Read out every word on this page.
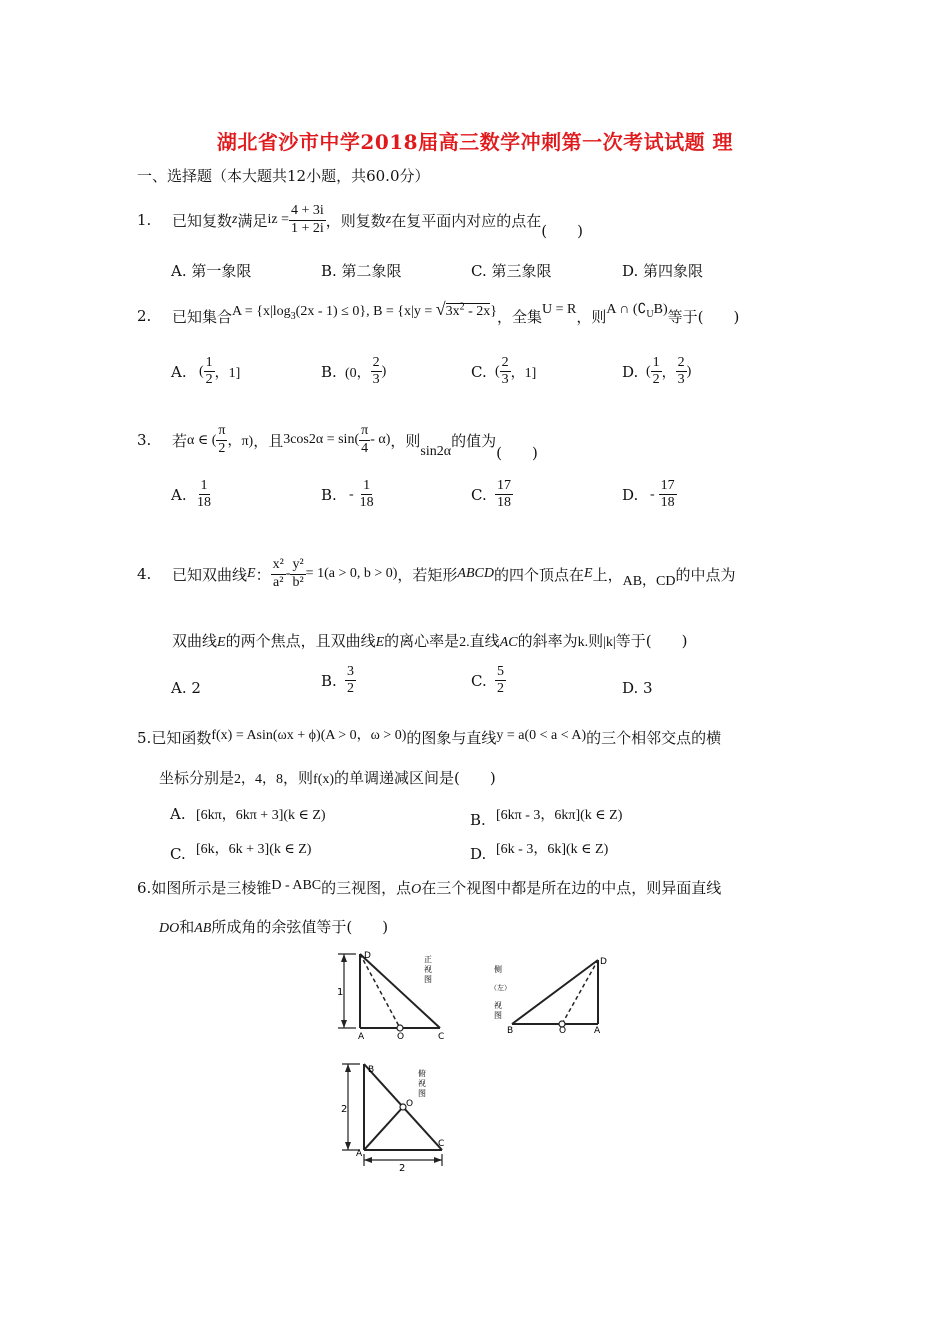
湖北省沙市中学2018届高三数学冲刺第一次考试试题 理
一、选择题（本大题共12小题，共60.0分）
1.	已知复数 z 满足 iz = $\frac{4 + 3i}{1 + 2i}$ ，则复数 z 在复平面内对应的点在
(　　)
A. 第一象限	B. 第二象限	C. 第三象限	D. 第四象限
2.	已知集合 $A = \{x|\log_3(2x - 1) \le 0\}$, $B = \{x|y = √3x^2 - 2x\}$ ，全集 U = R ，则 A ∩ $(∁_UB)$ 等于 (　　)
A. ( $\frac{1}{2}$ ，1]	B. (0， $\frac{2}{3}$ )	C. ( $\frac{2}{3}$ ，1]	D. ( $\frac{1}{2}$ ， $\frac{2}{3}$ )
3.	若 α ∈ ( $\frac{\pi}{2}$ ，π) ，且 $3\cos 2\alpha = \sin( \frac{\pi}{4} - \alpha)$ ，则
sin2α
的值为
(　　)
A. $\frac{1}{18}$	B. - $\frac{1}{18}$	C. $\frac{17}{18}$	D. - $\frac{17}{18}$
4.	已知双曲线 E ： $\frac{\text{x²}}{\text{a²}} - \frac{\text{y²}}{\text{b²}} = 1(a > 0$, b > 0) ，若矩形 ABCD 的四个顶点在 E 上， AB，CD 的中点为
双曲线E的两个焦点，且双曲线E的离心率是2.直线AC的斜率为k.则|k|等于(　　)
A. 2	B. $\frac{3}{2}$	C. $\frac{5}{2}$	D. 3
5.已知函数f(x) = Asin(ωx + ϕ)(A > 0，ω > 0)的图象与直线y = a(0 < a < A)的三个相邻交点的横
坐标分别是2，4，8，则f(x)的单调递减区间是(　　)
A. [6kπ，6kπ + 3](k ∈ Z)	B. [6kπ - 3，6kπ](k ∈ Z)
C. [6k，6k + 3](k ∈ Z)	D. [6k - 3，6k](k ∈ Z)
6.如图所示是三棱锥D - ABC的三视图，点O在三个视图中都是所在边的中点，则异面直线
DO和AB所成角的余弦值等于(　　)
D
A	O	C
1
正
视
图
D
B	O	A
侧
（左）
视
图
B
O
A
C
2
2
俯
视
图
